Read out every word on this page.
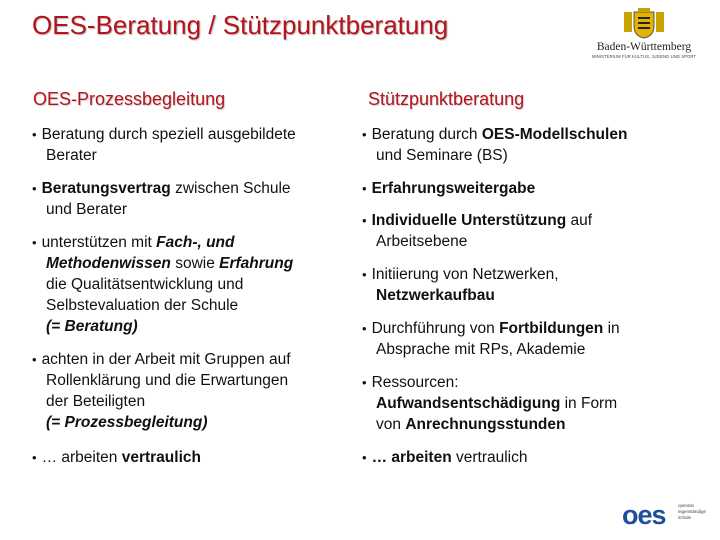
OES-Beratung / Stützpunktberatung
Baden-Württemberg
MINISTERIUM FÜR KULTUS, JUGEND UND SPORT
OES-Prozessbegleitung	Stützpunktberatung
• Beratung durch speziell ausgebildete
Berater
• Beratungsvertrag zwischen Schule
und Berater
• unterstützen mit Fach-, und
Methodenwissen sowie Erfahrung
die Qualitätsentwicklung und
Selbstevaluation der Schule
(= Beratung)
• achten in der Arbeit mit Gruppen auf
Rollenklärung und die Erwartungen
der Beteiligten
(= Prozessbegleitung)
• … arbeiten vertraulich
• Beratung durch OES-Modellschulen
und Seminare (BS)
• Erfahrungsweitergabe
• Individuelle Unterstützung auf
Arbeitsebene
• Initiierung von Netzwerken,
Netzwerkaufbau
• Durchführung von Fortbildungen in
Absprache mit RPs, Akademie
• Ressourcen:
Aufwandsentschädigung in Form
von Anrechnungsstunden
• … arbeiten vertraulich
oes	operativ
eigenständige
schule
